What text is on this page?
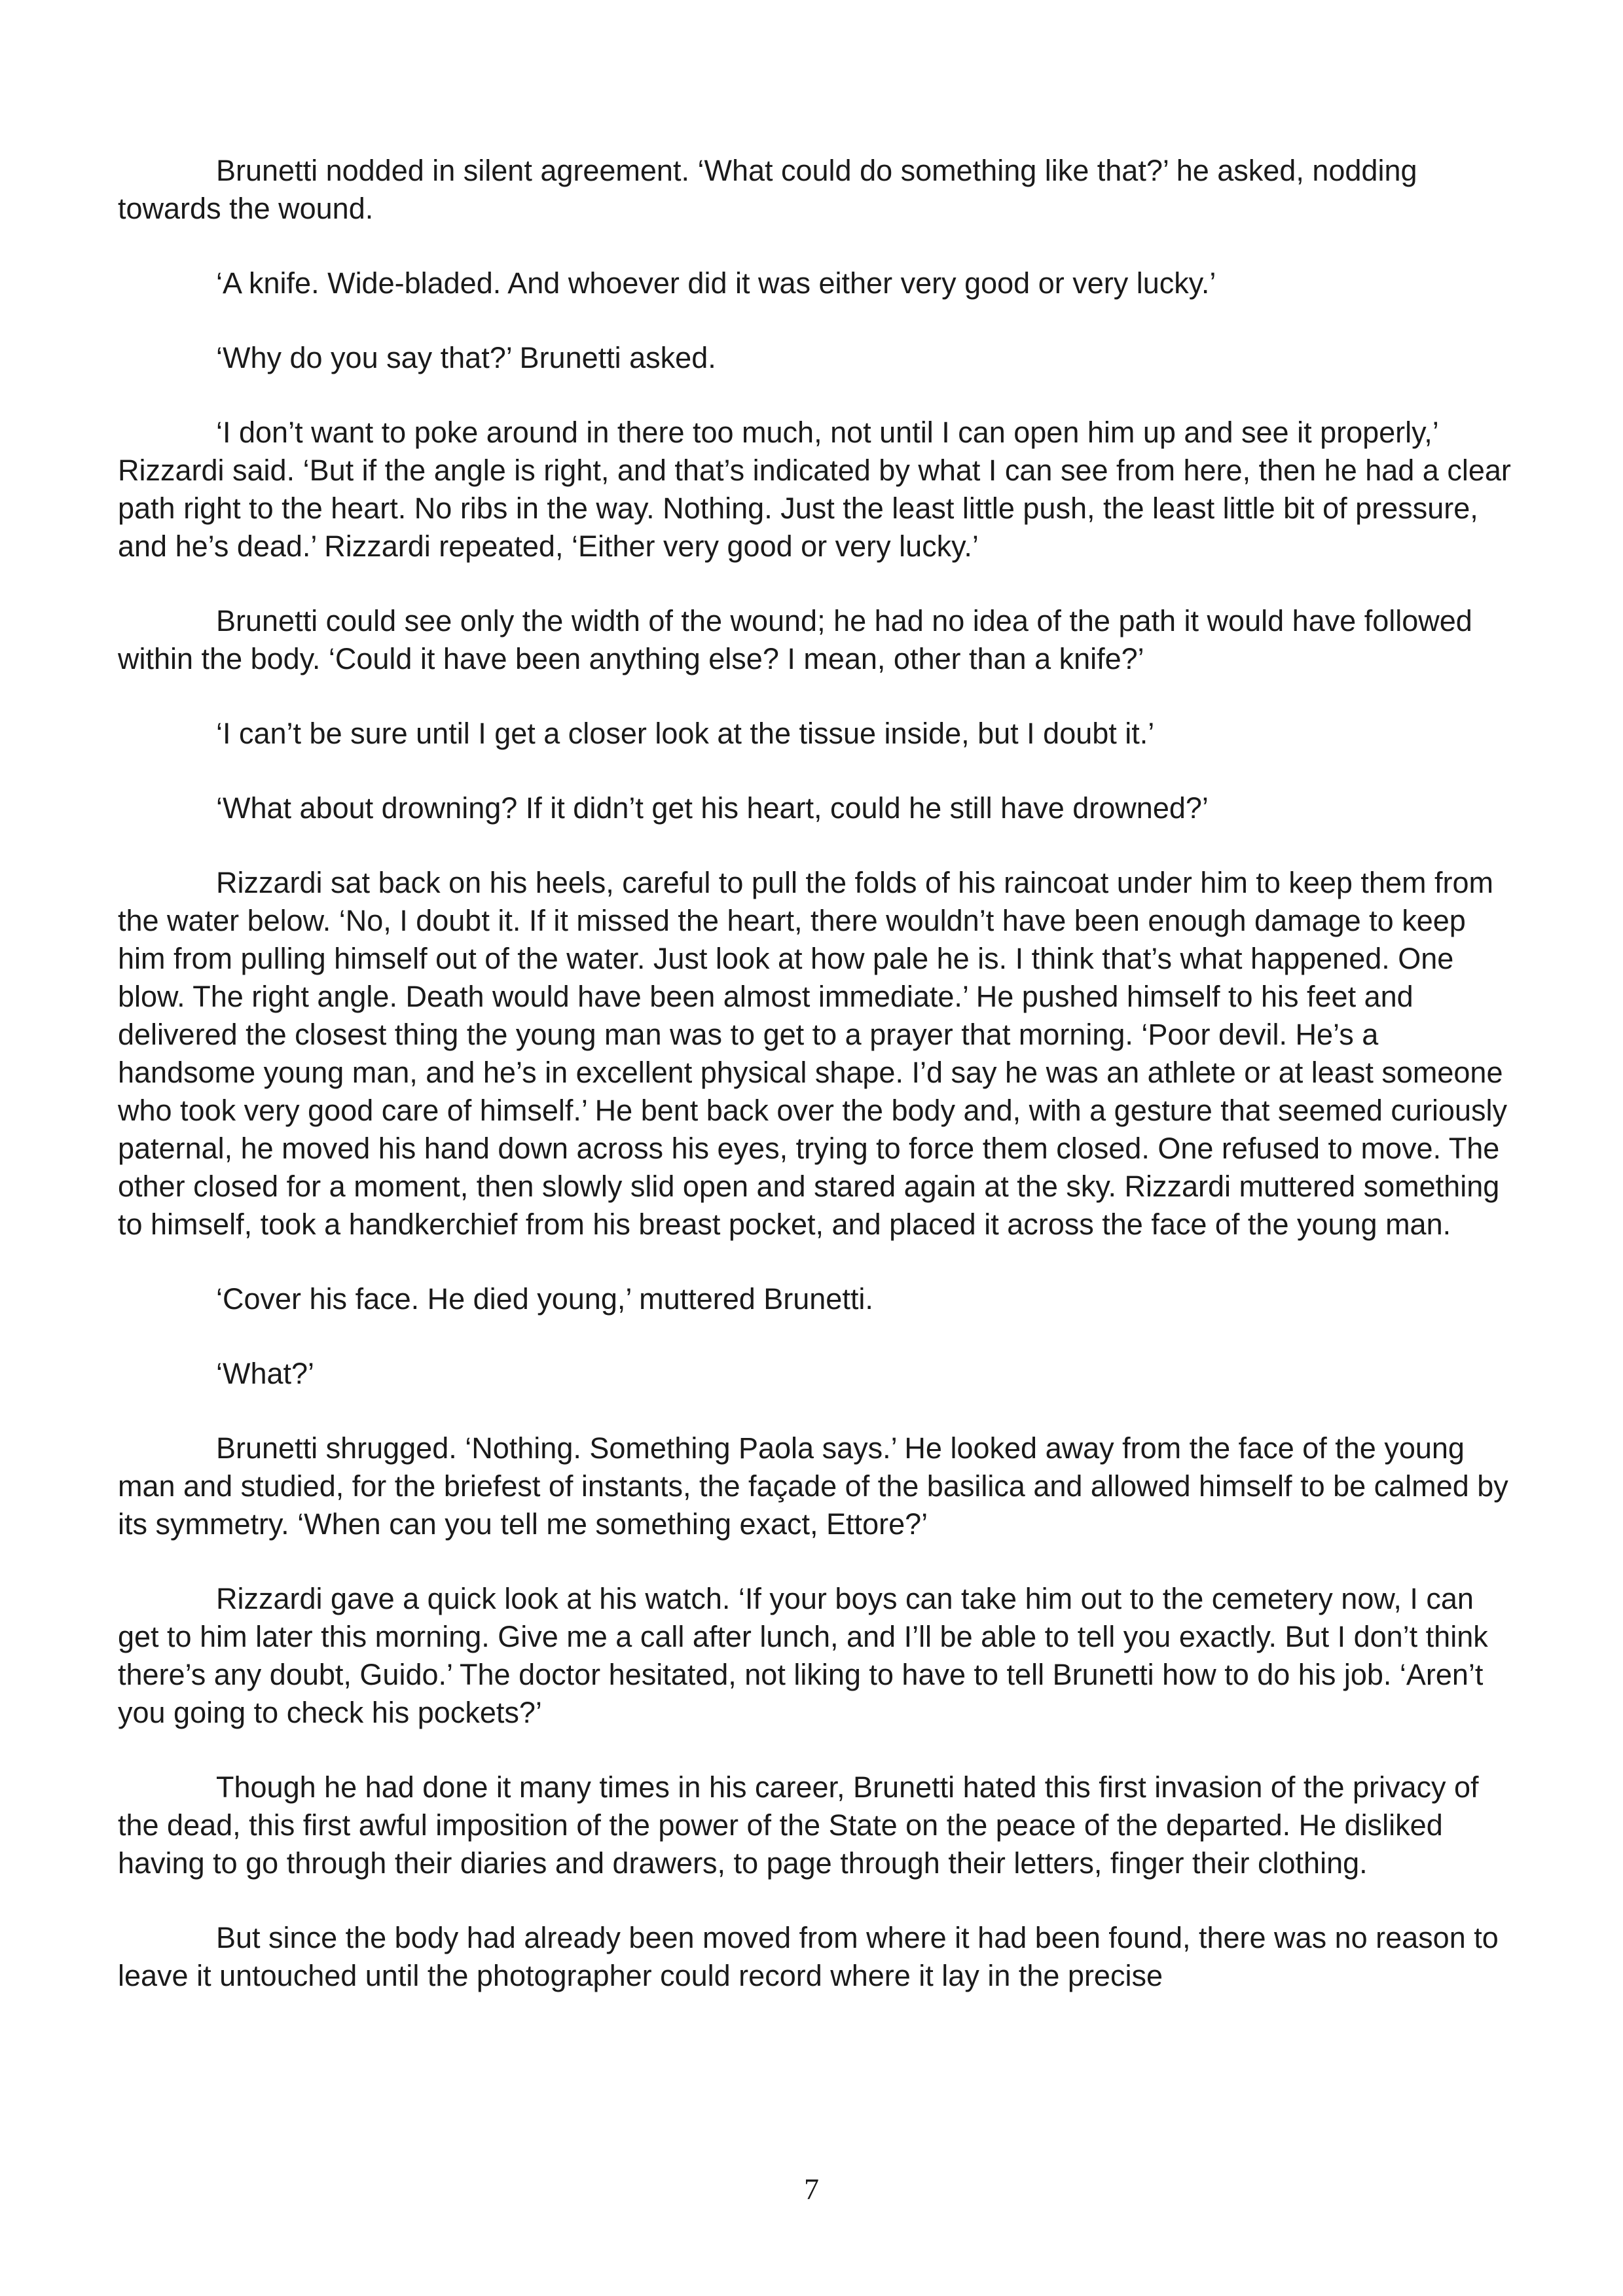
Brunetti nodded in silent agreement. ‘What could do something like that?’ he asked, nodding towards the wound.

‘A knife. Wide-bladed. And whoever did it was either very good or very lucky.’

‘Why do you say that?’ Brunetti asked.

‘I don’t want to poke around in there too much, not until I can open him up and see it properly,’ Rizzardi said. ‘But if the angle is right, and that’s indicated by what I can see from here, then he had a clear path right to the heart. No ribs in the way. Nothing. Just the least little push, the least little bit of pressure, and he’s dead.’ Rizzardi repeated, ‘Either very good or very lucky.’

Brunetti could see only the width of the wound; he had no idea of the path it would have followed within the body. ‘Could it have been anything else? I mean, other than a knife?’

‘I can’t be sure until I get a closer look at the tissue inside, but I doubt it.’

‘What about drowning? If it didn’t get his heart, could he still have drowned?’

Rizzardi sat back on his heels, careful to pull the folds of his raincoat under him to keep them from the water below. ‘No, I doubt it. If it missed the heart, there wouldn’t have been enough damage to keep him from pulling himself out of the water. Just look at how pale he is. I think that’s what happened. One blow. The right angle. Death would have been almost immediate.’ He pushed himself to his feet and delivered the closest thing the young man was to get to a prayer that morning. ‘Poor devil. He’s a handsome young man, and he’s in excellent physical shape. I’d say he was an athlete or at least someone who took very good care of himself.’ He bent back over the body and, with a gesture that seemed curiously paternal, he moved his hand down across his eyes, trying to force them closed. One refused to move. The other closed for a moment, then slowly slid open and stared again at the sky. Rizzardi muttered something to himself, took a handkerchief from his breast pocket, and placed it across the face of the young man.

‘Cover his face. He died young,’ muttered Brunetti.

‘What?’

Brunetti shrugged. ‘Nothing. Something Paola says.’ He looked away from the face of the young man and studied, for the briefest of instants, the façade of the basilica and allowed himself to be calmed by its symmetry. ‘When can you tell me something exact, Ettore?’

Rizzardi gave a quick look at his watch. ‘If your boys can take him out to the cemetery now, I can get to him later this morning. Give me a call after lunch, and I’ll be able to tell you exactly. But I don’t think there’s any doubt, Guido.’ The doctor hesitated, not liking to have to tell Brunetti how to do his job. ‘Aren’t you going to check his pockets?’

Though he had done it many times in his career, Brunetti hated this first invasion of the privacy of the dead, this first awful imposition of the power of the State on the peace of the departed. He disliked having to go through their diaries and drawers, to page through their letters, finger their clothing.

But since the body had already been moved from where it had been found, there was no reason to leave it untouched until the photographer could record where it lay in the precise

7
